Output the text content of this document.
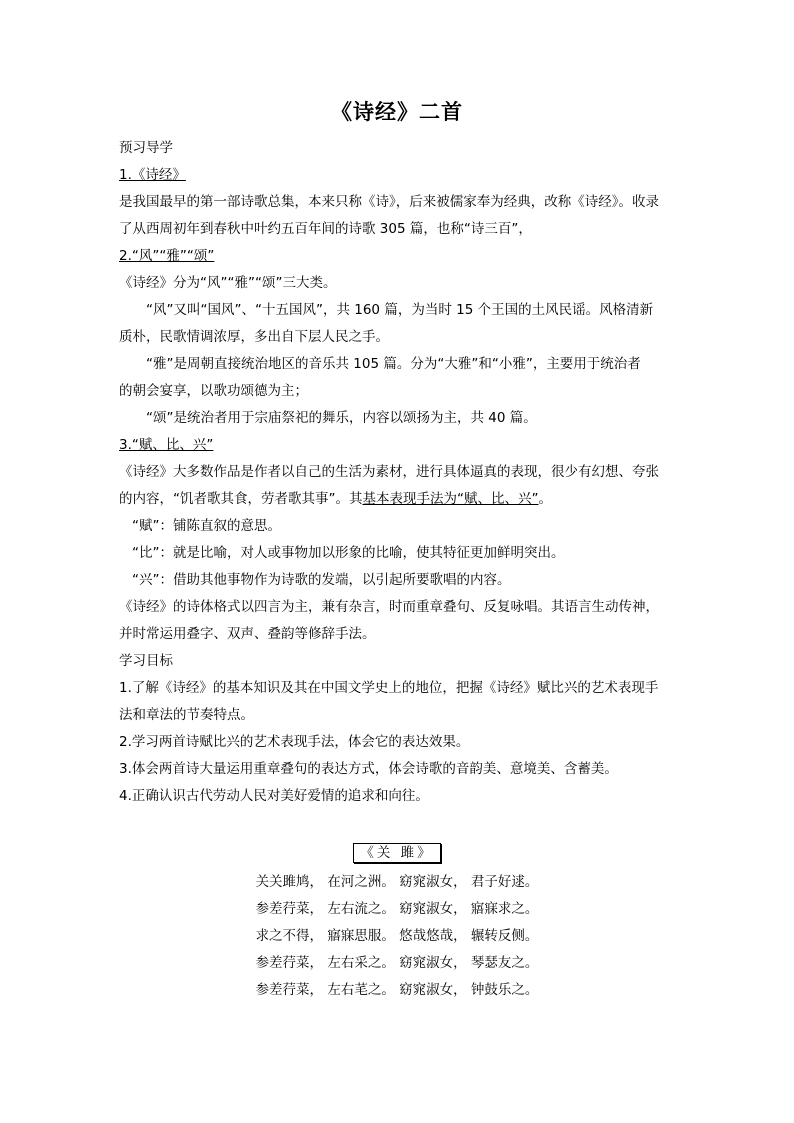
《诗经》二首
预习导学
1.《诗经》
是我国最早的第一部诗歌总集，本来只称《诗》，后来被儒家奉为经典，改称《诗经》。收录
了从西周初年到春秋中叶约五百年间的诗歌 305 篇，也称“诗三百”，
2.“风”“雅”“颂”
《诗经》分为“风”“雅”“颂”三大类。
“风”又叫“国风”、“十五国风”，共 160 篇，为当时 15 个王国的土风民谣。风格清新
质朴，民歌情调浓厚，多出自下层人民之手。
“雅”是周朝直接统治地区的音乐共 105 篇。分为“大雅”和“小雅”，主要用于统治者
的朝会宴享，以歌功颂德为主；
“颂”是统治者用于宗庙祭祀的舞乐，内容以颂扬为主，共 40 篇。
3.“赋、比、兴”
《诗经》大多数作品是作者以自己的生活为素材，进行具体逼真的表现，很少有幻想、夸张
的内容，“饥者歌其食，劳者歌其事”。其基本表现手法为“赋、比、兴”。
“赋”：铺陈直叙的意思。
“比”：就是比喻，对人或事物加以形象的比喻，使其特征更加鲜明突出。
“兴”：借助其他事物作为诗歌的发端，以引起所要歌唱的内容。
《诗经》的诗体格式以四言为主，兼有杂言，时而重章叠句、反复咏唱。其语言生动传神，
并时常运用叠字、双声、叠韵等修辞手法。
学习目标
1.了解《诗经》的基本知识及其在中国文学史上的地位，把握《诗经》赋比兴的艺术表现手
法和章法的节奏特点。
2.学习两首诗赋比兴的艺术表现手法，体会它的表达效果。
3.体会两首诗大量运用重章叠句的表达方式，体会诗歌的音韵美、意境美、含蓄美。
4.正确认识古代劳动人民对美好爱情的追求和向往。
《关 雎》
关关雎鸠， 在河之洲。 窈窕淑女， 君子好逑。
参差荇菜， 左右流之。 窈窕淑女， 寤寐求之。
求之不得， 寤寐思服。 悠哉悠哉， 辗转反侧。
参差荇菜， 左右采之。 窈窕淑女， 琴瑟友之。
参差荇菜， 左右芼之。 窈窕淑女， 钟鼓乐之。
